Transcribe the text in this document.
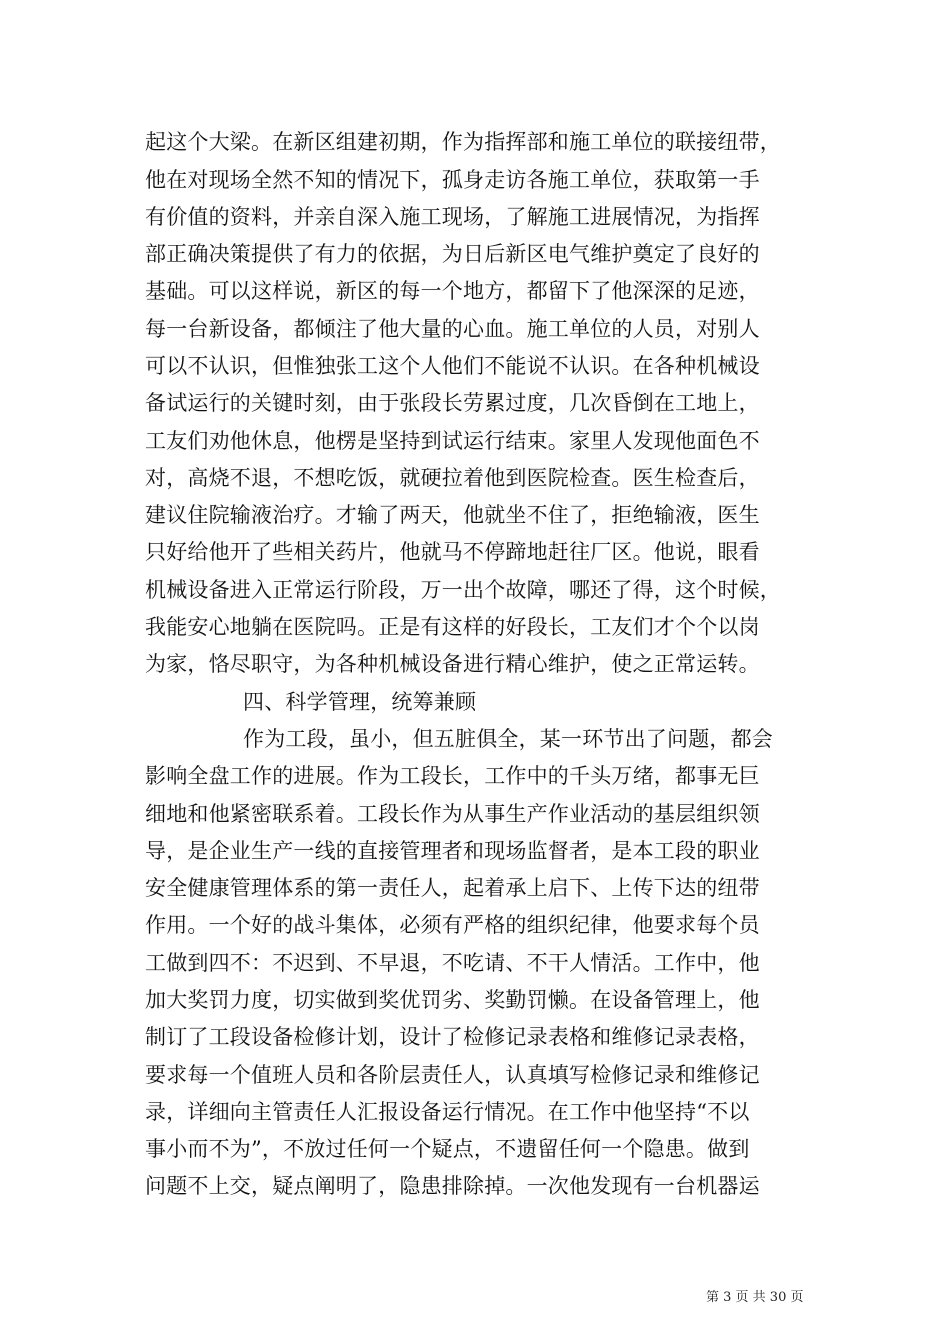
起这个大梁。在新区组建初期，作为指挥部和施工单位的联接纽带，
他在对现场全然不知的情况下，孤身走访各施工单位，获取第一手
有价值的资料，并亲自深入施工现场，了解施工进展情况，为指挥
部正确决策提供了有力的依据，为日后新区电气维护奠定了良好的
基础。可以这样说，新区的每一个地方，都留下了他深深的足迹，
每一台新设备，都倾注了他大量的心血。施工单位的人员，对别人
可以不认识，但惟独张工这个人他们不能说不认识。在各种机械设
备试运行的关键时刻，由于张段长劳累过度，几次昏倒在工地上，
工友们劝他休息，他楞是坚持到试运行结束。家里人发现他面色不
对，高烧不退，不想吃饭，就硬拉着他到医院检查。医生检查后，
建议住院输液治疗。才输了两天，他就坐不住了，拒绝输液，医生
只好给他开了些相关药片，他就马不停蹄地赶往厂区。他说，眼看
机械设备进入正常运行阶段，万一出个故障，哪还了得，这个时候，
我能安心地躺在医院吗。正是有这样的好段长，工友们才个个以岗
为家，恪尽职守，为各种机械设备进行精心维护，使之正常运转。
四、科学管理，统筹兼顾
作为工段，虽小，但五脏俱全，某一环节出了问题，都会
影响全盘工作的进展。作为工段长，工作中的千头万绪，都事无巨
细地和他紧密联系着。工段长作为从事生产作业活动的基层组织领
导，是企业生产一线的直接管理者和现场监督者，是本工段的职业
安全健康管理体系的第一责任人，起着承上启下、上传下达的纽带
作用。一个好的战斗集体，必须有严格的组织纪律，他要求每个员
工做到四不：不迟到、不早退，不吃请、不干人情活。工作中，他
加大奖罚力度，切实做到奖优罚劣、奖勤罚懒。在设备管理上，他
制订了工段设备检修计划，设计了检修记录表格和维修记录表格，
要求每一个值班人员和各阶层责任人，认真填写检修记录和维修记
录，详细向主管责任人汇报设备运行情况。在工作中他坚持“不以
事小而不为”，不放过任何一个疑点，不遗留任何一个隐患。做到
问题不上交，疑点阐明了，隐患排除掉。一次他发现有一台机器运
第 3 页 共 30 页
